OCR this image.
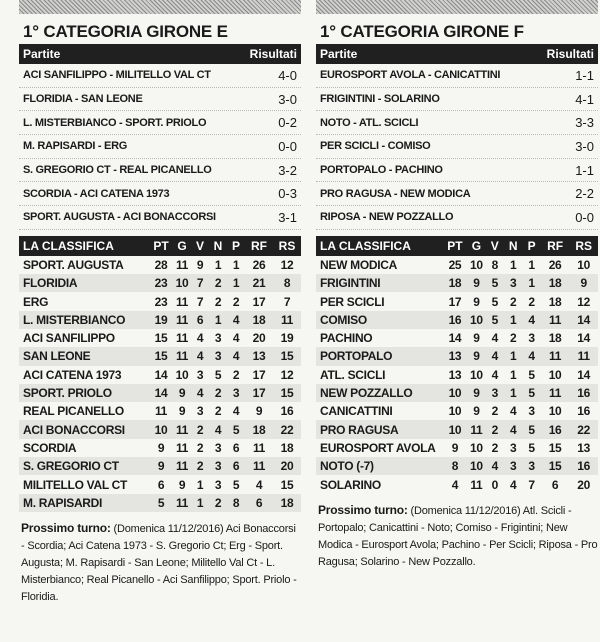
1° CATEGORIA GIRONE E
Partite	Risultati
ACI SANFILIPPO - MILITELLO VAL CT	4-0
FLORIDIA - SAN LEONE	3-0
L. MISTERBIANCO - SPORT. PRIOLO	0-2
M. RAPISARDI - ERG	0-0
S. GREGORIO CT - REAL PICANELLO	3-2
SCORDIA - ACI CATENA 1973	0-3
SPORT. AUGUSTA - ACI BONACCORSI	3-1
LA CLASSIFICA	PT	G	V	N	P	RF	RS
SPORT. AUGUSTA	28	11	9	1	1	26	12
FLORIDIA	23	10	7	2	1	21	8
ERG	23	11	7	2	2	17	7
L. MISTERBIANCO	19	11	6	1	4	18	11
ACI SANFILIPPO	15	11	4	3	4	20	19
SAN LEONE	15	11	4	3	4	13	15
ACI CATENA 1973	14	10	3	5	2	17	12
SPORT. PRIOLO	14	9	4	2	3	17	15
REAL PICANELLO	11	9	3	2	4	9	16
ACI BONACCORSI	10	11	2	4	5	18	22
SCORDIA	9	11	2	3	6	11	18
S. GREGORIO CT	9	11	2	3	6	11	20
MILITELLO VAL CT	6	9	1	3	5	4	15
M. RAPISARDI	5	11	1	2	8	6	18
Prossimo turno: (Domenica 11/12/2016) Aci Bonaccorsi - Scordia; Aci Catena 1973 - S. Gregorio Ct; Erg - Sport. Augusta; M. Rapisardi - San Leone; Militello Val Ct - L. Misterbianco; Real Picanello - Aci Sanfilippo; Sport. Priolo - Floridia.
1° CATEGORIA GIRONE F
Partite	Risultati
EUROSPORT AVOLA - CANICATTINI	1-1
FRIGINTINI - SOLARINO	4-1
NOTO - ATL. SCICLI	3-3
PER SCICLI - COMISO	3-0
PORTOPALO - PACHINO	1-1
PRO RAGUSA - NEW MODICA	2-2
RIPOSA - NEW POZZALLO	0-0
LA CLASSIFICA	PT	G	V	N	P	RF	RS
NEW MODICA	25	10	8	1	1	26	10
FRIGINTINI	18	9	5	3	1	18	9
PER SCICLI	17	9	5	2	2	18	12
COMISO	16	10	5	1	4	11	14
PACHINO	14	9	4	2	3	18	14
PORTOPALO	13	9	4	1	4	11	11
ATL. SCICLI	13	10	4	1	5	10	14
NEW POZZALLO	10	9	3	1	5	11	16
CANICATTINI	10	9	2	4	3	10	16
PRO RAGUSA	10	11	2	4	5	16	22
EUROSPORT AVOLA	9	10	2	3	5	15	13
NOTO (-7)	8	10	4	3	3	15	16
SOLARINO	4	11	0	4	7	6	20
Prossimo turno: (Domenica 11/12/2016) Atl. Scicli - Portopalo; Canicattini - Noto; Comiso - Frigintini; New Modica - Eurosport Avola; Pachino - Per Scicli; Riposa - Pro Ragusa; Solarino - New Pozzallo.
